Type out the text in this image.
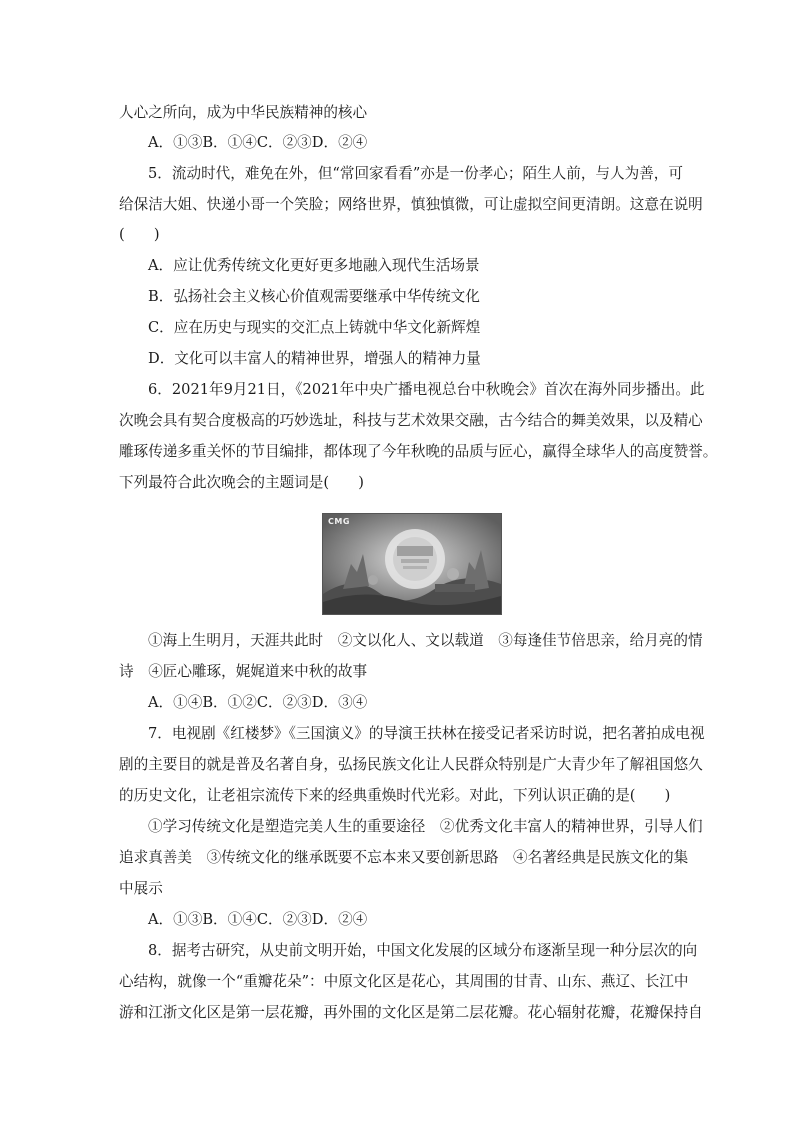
人心之所向，成为中华民族精神的核心
A．①③B．①④C．②③D．②④
5．流动时代，难免在外，但“常回家看看”亦是一份孝心；陌生人前，与人为善，可
给保洁大姐、快递小哥一个笑脸；网络世界，慎独慎微，可让虚拟空间更清朗。这意在说明
(　　)
A．应让优秀传统文化更好更多地融入现代生活场景
B．弘扬社会主义核心价值观需要继承中华传统文化
C．应在历史与现实的交汇点上铸就中华文化新辉煌
D．文化可以丰富人的精神世界，增强人的精神力量
6．2021年9月21日，《2021年中央广播电视总台中秋晚会》首次在海外同步播出。此
次晚会具有契合度极高的巧妙选址，科技与艺术效果交融，古今结合的舞美效果，以及精心
雕琢传递多重关怀的节目编排，都体现了今年秋晚的品质与匠心，赢得全球华人的高度赞誉。
下列最符合此次晚会的主题词是(　　)
CMG
①海上生明月，天涯共此时　②文以化人、文以载道　③每逢佳节倍思亲，给月亮的情
诗　④匠心雕琢，娓娓道来中秋的故事
A．①④B．①②C．②③D．③④
7．电视剧《红楼梦》《三国演义》的导演王扶林在接受记者采访时说，把名著拍成电视
剧的主要目的就是普及名著自身，弘扬民族文化让人民群众特别是广大青少年了解祖国悠久
的历史文化，让老祖宗流传下来的经典重焕时代光彩。对此，下列认识正确的是(　　)
①学习传统文化是塑造完美人生的重要途径　②优秀文化丰富人的精神世界，引导人们
追求真善美　③传统文化的继承既要不忘本来又要创新思路　④名著经典是民族文化的集
中展示
A．①③B．①④C．②③D．②④
8．据考古研究，从史前文明开始，中国文化发展的区域分布逐渐呈现一种分层次的向
心结构，就像一个“重瓣花朵”：中原文化区是花心，其周围的甘青、山东、燕辽、长江中
游和江浙文化区是第一层花瓣，再外围的文化区是第二层花瓣。花心辐射花瓣，花瓣保持自
